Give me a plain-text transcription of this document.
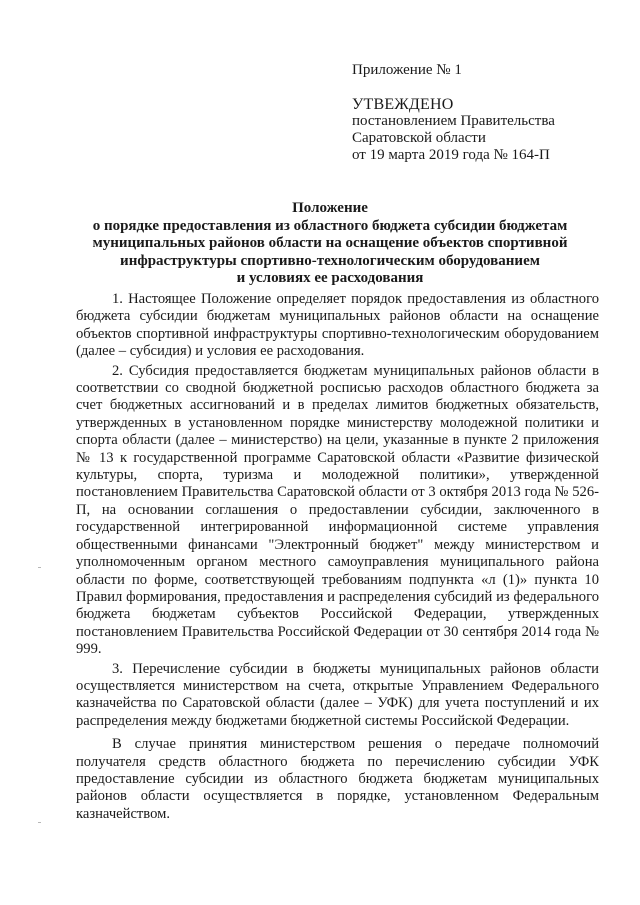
Приложение № 1
УТВЕЖДЕНО
постановлением Правительства
Саратовской области
от 19 марта 2019 года № 164-П
Положение
о порядке предоставления из областного бюджета субсидии бюджетам
муниципальных районов области на оснащение объектов спортивной
инфраструктуры спортивно-технологическим оборудованием
и условиях ее расходования

1. Настоящее Положение определяет порядок предоставления из областного бюджета субсидии бюджетам муниципальных районов области на оснащение объектов спортивной инфраструктуры спортивно-технологическим оборудованием (далее – субсидия) и условия ее расходования.

2. Субсидия предоставляется бюджетам муниципальных районов области в соответствии со сводной бюджетной росписью расходов областного бюджета за счет бюджетных ассигнований и в пределах лимитов бюджетных обязательств, утвержденных в установленном порядке министерству молодежной политики и спорта области (далее – министерство) на цели, указанные в пункте 2 приложения № 13 к государственной программе Саратовской области «Развитие физической культуры, спорта, туризма и молодежной политики», утвержденной постановлением Правительства Саратовской области от 3 октября 2013 года № 526-П, на основании соглашения о предоставлении субсидии, заключенного в государственной интегрированной информационной системе управления общественными финансами "Электронный бюджет" между министерством и уполномоченным органом местного самоуправления муниципального района области по форме, соответствующей требованиям подпункта «л (1)» пункта 10 Правил формирования, предоставления и распределения субсидий из федерального бюджета бюджетам субъектов Российской Федерации, утвержденных постановлением Правительства Российской Федерации от 30 сентября 2014 года № 999.

3. Перечисление субсидии в бюджеты муниципальных районов области осуществляется министерством на счета, открытые Управлением Федерального казначейства по Саратовской области (далее – УФК) для учета поступлений и их распределения между бюджетами бюджетной системы Российской Федерации.

В случае принятия министерством решения о передаче полномочий получателя средств областного бюджета по перечислению субсидии УФК предоставление субсидии из областного бюджета бюджетам муниципальных районов области осуществляется в порядке, установленном Федеральным казначейством.
